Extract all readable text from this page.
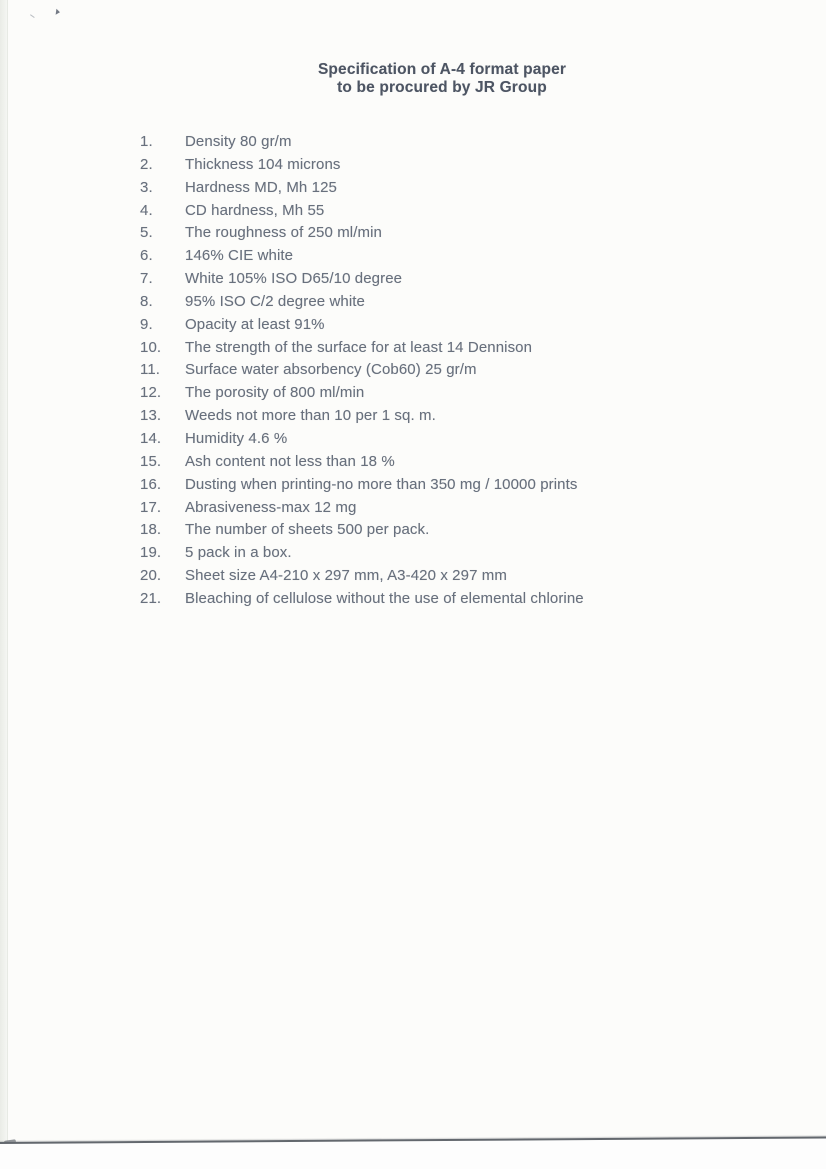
Specification of A-4 format paper
to be procured by JR Group
1.	Density 80 gr/m
2.	Thickness 104 microns
3.	Hardness MD, Mh 125
4.	CD hardness, Mh 55
5.	The roughness of 250 ml/min
6.	146% CIE white
7.	White 105% ISO D65/10 degree
8.	95% ISO C/2 degree white
9.	Opacity at least 91%
10.	The strength of the surface for at least 14 Dennison
11.	Surface water absorbency (Cob60) 25 gr/m
12.	The porosity of 800 ml/min
13.	Weeds not more than 10 per 1 sq. m.
14.	Humidity 4.6 %
15.	Ash content not less than 18 %
16.	Dusting when printing-no more than 350 mg / 10000 prints
17.	Abrasiveness-max 12 mg
18.	The number of sheets 500 per pack.
19.	5 pack in a box.
20.	Sheet size A4-210 x 297 mm, A3-420 x 297 mm
21.	Bleaching of cellulose without the use of elemental chlorine
